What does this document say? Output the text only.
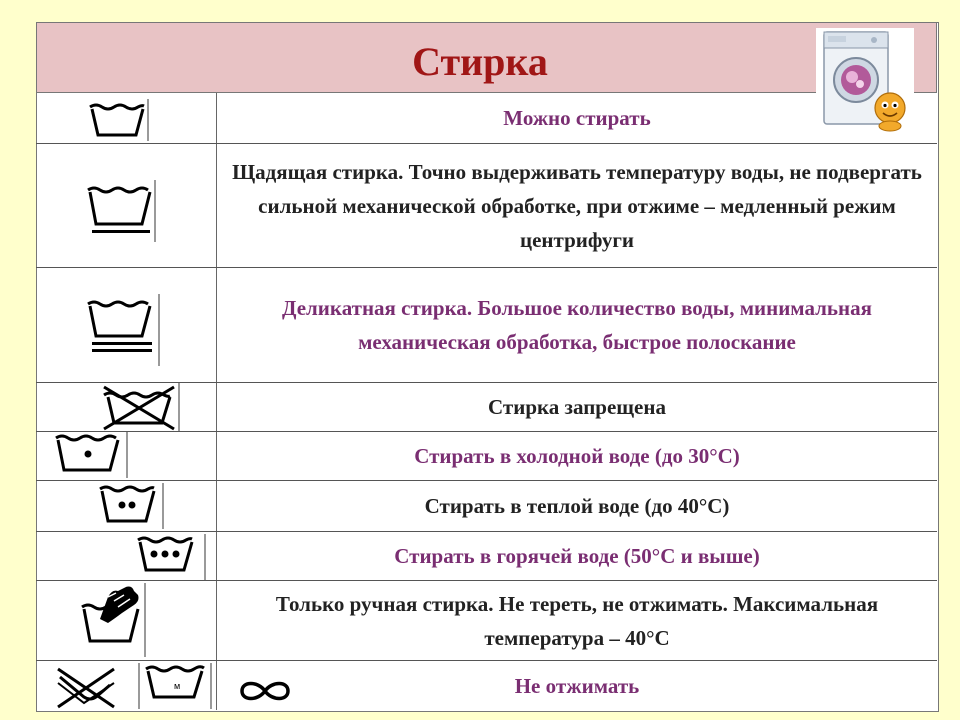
Стирка
Можно стирать
Щадящая стирка. Точно выдерживать температуру воды, не подвергать сильной механической обработке, при отжиме – медленный режим центрифуги
Деликатная стирка. Большое количество воды, минимальная механическая обработка, быстрое полоскание
Стирка запрещена
Стирать в холодной воде (до 30°С)
Стирать в теплой воде (до 40°С)
Стирать в горячей воде (50°С и выше)
Только ручная стирка. Не тереть, не отжимать. Максимальная температура – 40°С
м	Не отжимать
